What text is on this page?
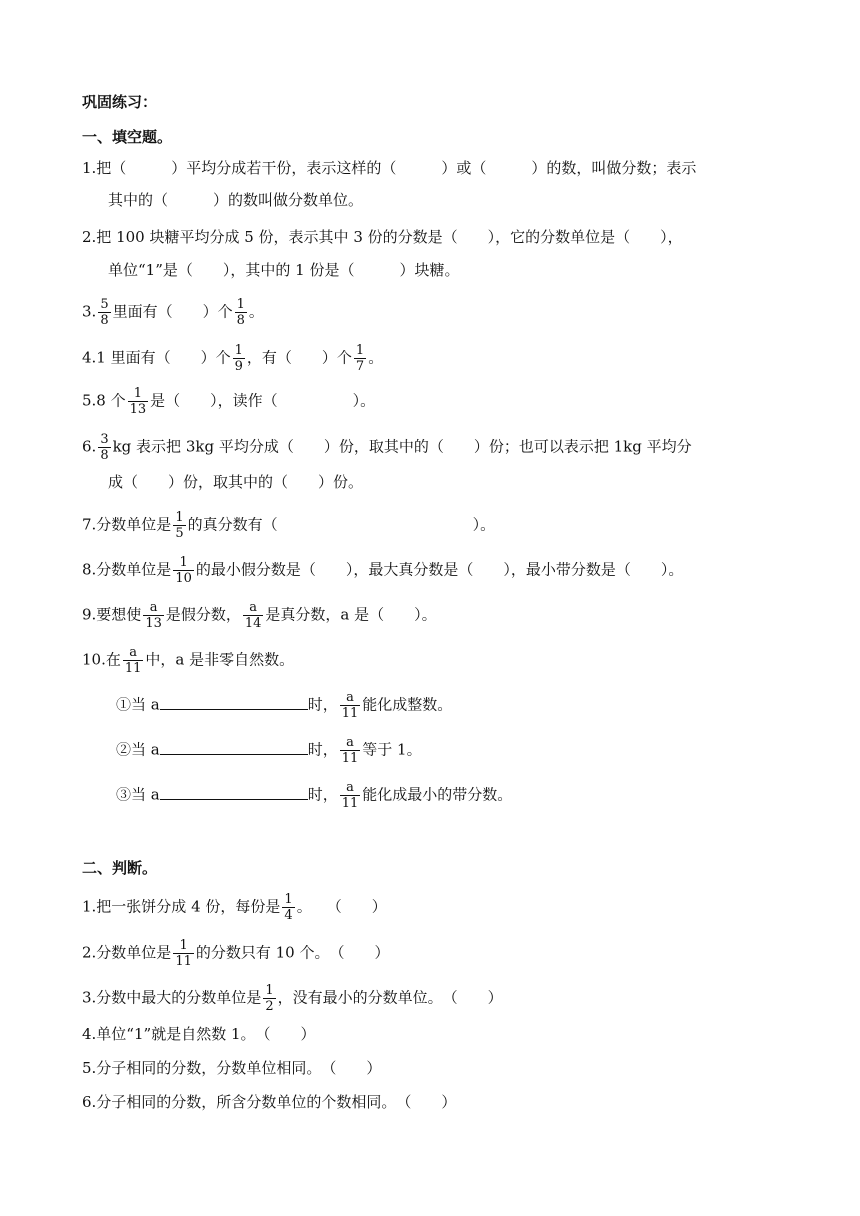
巩固练习：
一、填空题。
1.把（　　　）平均分成若干份，表示这样的（　　　）或（　　　）的数，叫做分数；表示
其中的（　　　）的数叫做分数单位。
2.把 100 块糖平均分成 5 份，表示其中 3 份的分数是（　　），它的分数单位是（　　），
单位“1”是（　　），其中的 1 份是（　　　）块糖。
3. $\frac{5}{8}$ 里面有（　　）个 $\frac{1}{8}$ 。
4.1 里面有（　　）个 $\frac{1}{9}$ ，有（　　）个 $\frac{1}{7}$ 。
5.8 个 $\frac{1}{13}$ 是（　　），读作（　　　　　）。
6. $\frac{3}{8}$ kg 表示把 3kg 平均分成（　　）份，取其中的（　　）份；也可以表示把 1kg 平均分
成（　　）份，取其中的（　　）份。
7.分数单位是 $\frac{1}{5}$ 的真分数有（　　　　　　　　　　　　　）。
8.分数单位是 $\frac{1}{10}$ 的最小假分数是（　　），最大真分数是（　　），最小带分数是（　　）。
9.要想使 $\frac{a}{13}$ 是假分数， $\frac{a}{14}$ 是真分数，a 是（　　）。
10.在 $\frac{a}{11}$ 中，a 是非零自然数。
①当 a	时， $\frac{a}{11}$ 能化成整数。
②当 a	时， $\frac{a}{11}$ 等于 1。
③当 a	时， $\frac{a}{11}$ 能化成最小的带分数。
二、判断。
1.把一张饼分成 4 份，每份是 $\frac{1}{4}$ 。　　（　　）
2.分数单位是 $\frac{1}{11}$ 的分数只有 10 个。　（　　）
3.分数中最大的分数单位是 $\frac{1}{2}$ ，没有最小的分数单位。　（　　）
4.单位“1”就是自然数 1。　（　　）
5.分子相同的分数，分数单位相同。　（　　）
6.分子相同的分数，所含分数单位的个数相同。　（　　）
